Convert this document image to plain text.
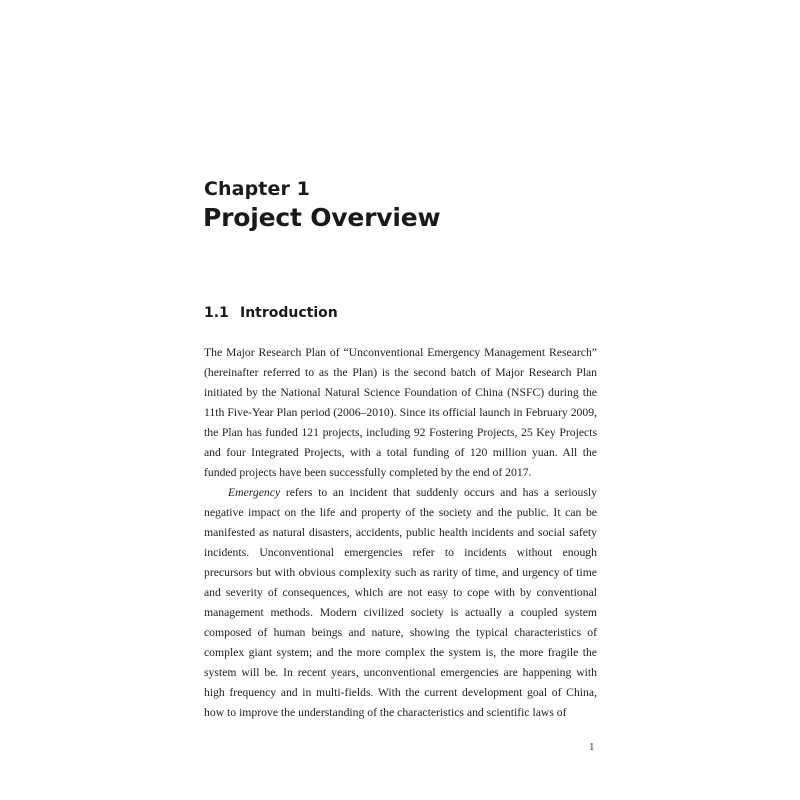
Chapter 1
Project Overview
1.1 Introduction

The Major Research Plan of “Unconventional Emergency Management Research” (hereinafter referred to as the Plan) is the second batch of Major Research Plan initiated by the National Natural Science Foundation of China (NSFC) during the 11th Five-Year Plan period (2006–2010). Since its official launch in February 2009, the Plan has funded 121 projects, including 92 Fostering Projects, 25 Key Projects and four Integrated Projects, with a total funding of 120 million yuan. All the funded projects have been successfully completed by the end of 2017.

Emergency refers to an incident that suddenly occurs and has a seriously negative impact on the life and property of the society and the public. It can be manifested as natural disasters, accidents, public health incidents and social safety incidents. Unconventional emergencies refer to incidents without enough precursors but with obvious complexity such as rarity of time, and urgency of time and severity of consequences, which are not easy to cope with by conventional management methods. Modern civilized society is actually a coupled system composed of human beings and nature, showing the typical characteristics of complex giant system; and the more complex the system is, the more fragile the system will be. In recent years, unconventional emergencies are happening with high frequency and in multi-fields. With the current development goal of China, how to improve the understanding of the characteristics and scientific laws of

1
